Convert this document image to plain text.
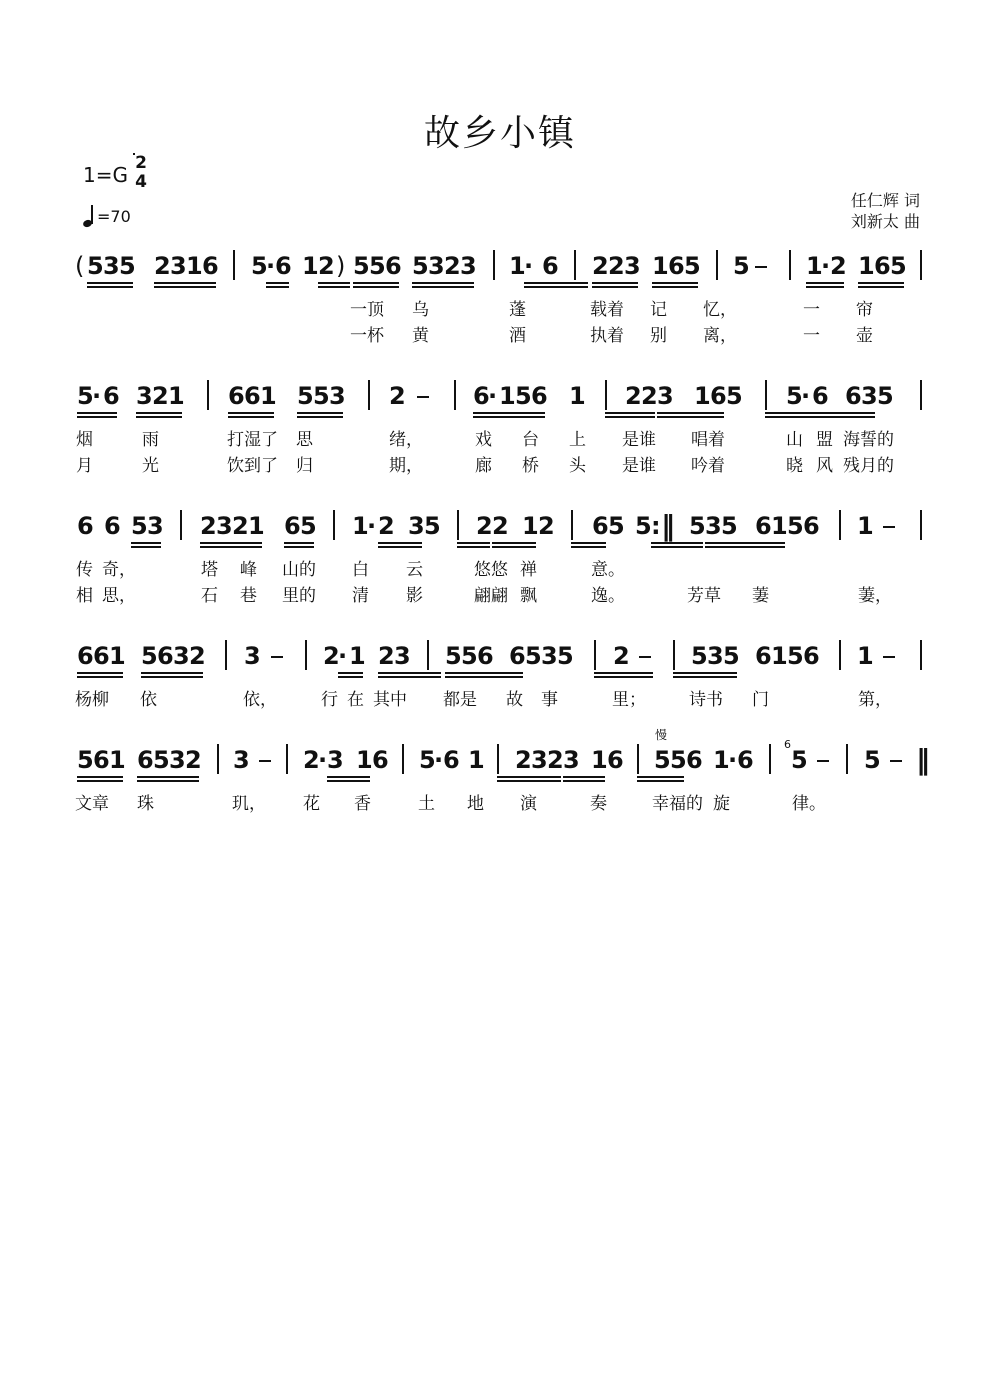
故乡小镇
1=G 2
4
=70
任仁辉 词
刘新太 曲
( 5 3 5 2 3 1 6 5
· 6 1 2 ) 5 5 6 5 3 2 3 1
· 6 2 2 3 1 6 5 5 1
· 2 1 6 5
一顶 乌	蓬	载着 记 忆，	一 帘
一杯 黄	酒	执着 别 离，	一 壶
5
· 6 3 2 1 6 6 1 5 5 3 2	6
· 1 5 6 1 2 2 3 1 6 5 5
· 6 6 3 5
烟	雨	打湿了 思	绪，	戏 台 上 是谁 唱着	山 盟 海誓的
月	光	饮到了 归	期，	廊 桥 头 是谁 吟着	晓 风 残月的
6 6 5 3 2 3 2 1 6 5 1
· 2 3 5 2 2 1 2 6 5 5 : ‖ 5 3 5 6 1 5 6 1
传 奇，	塔 峰 山的 白 云	悠悠 禅	意。
相 思，	石 巷 里的 清 影	翩翩 飘	逸。	芳草 萋	萋，
6 6 1 5 6 3 2 3	2
· 1 2 3 5 5 6 6 5 3 5 2	5 3 5 6 1 5 6 1
杨柳 依	依，	行 在 其中 都是 故 事	里；	诗书 门	第，
5 6 1 6 5 3 2 3 2
· 3 1 6 5
· 6 1 2 3 2 3 1 6 5 5 6 1
· 6 5 5 ‖
文章 珠	玑， 花 香	土 地 演	奏	幸福的 旋	律。
慢
6
